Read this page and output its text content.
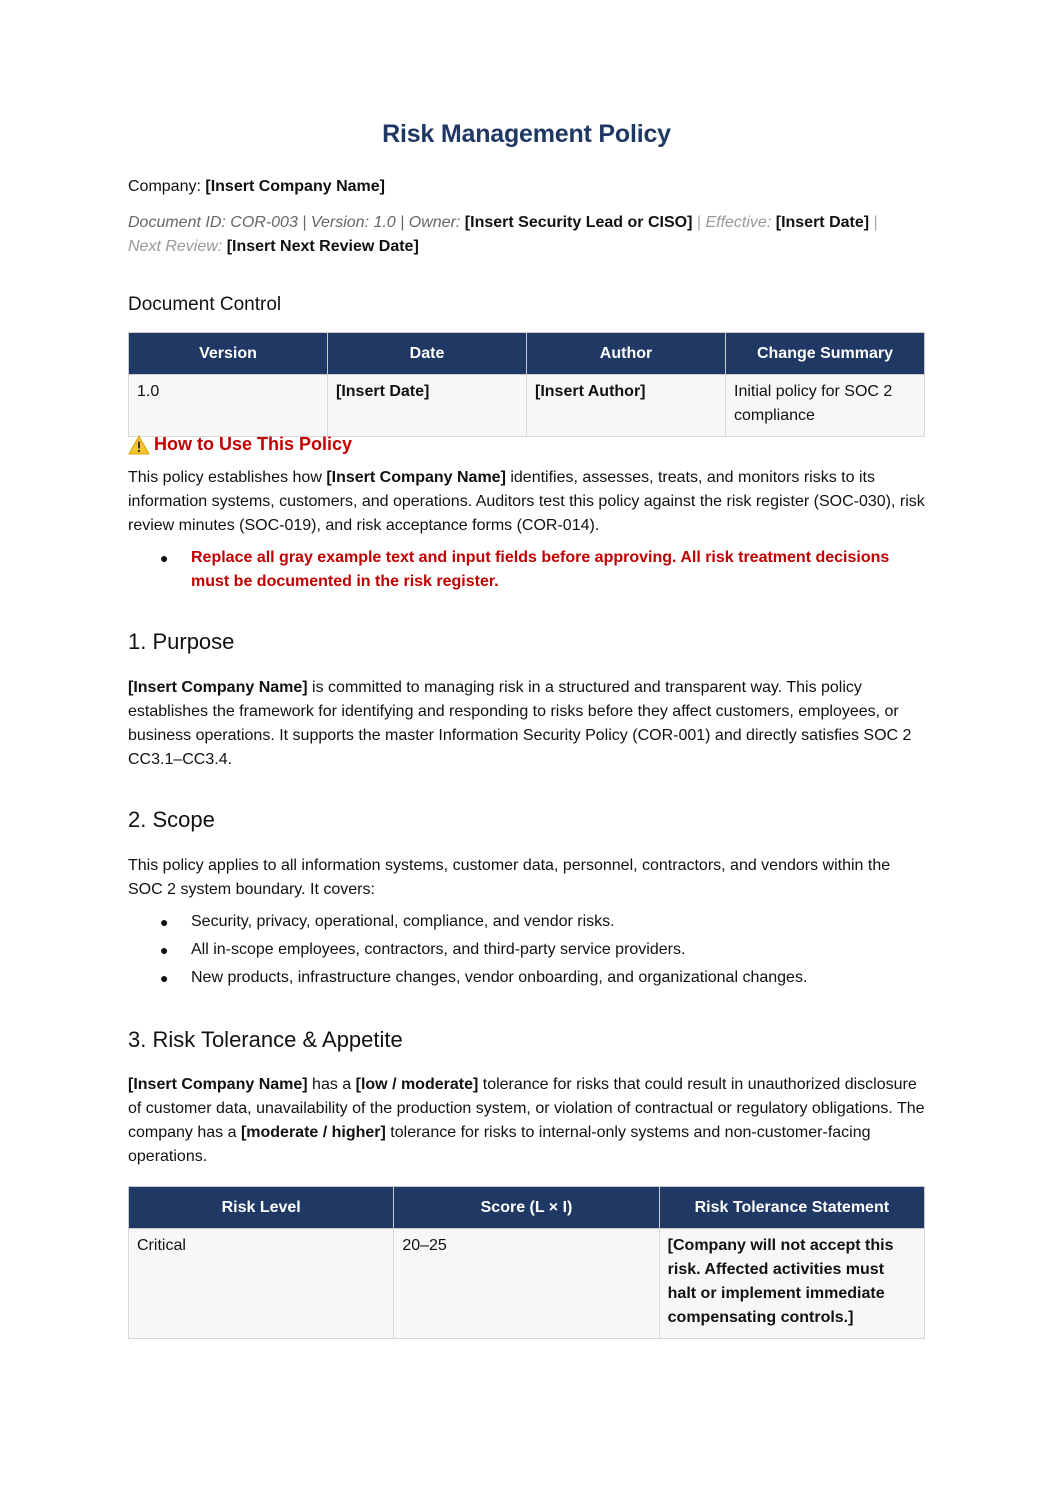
Risk Management Policy
Company: [Insert Company Name]
Document ID: COR-003 | Version: 1.0 | Owner: [Insert Security Lead or CISO] | Effective: [Insert Date] |
Next Review: [Insert Next Review Date]
Document Control
Version	Date	Author	Change Summary
1.0	[Insert Date]	[Insert Author]	Initial policy for SOC 2 compliance
How to Use This Policy
This policy establishes how [Insert Company Name] identifies, assesses, treats, and monitors risks to its information systems, customers, and operations. Auditors test this policy against the risk register (SOC-030), risk review minutes (SOC-019), and risk acceptance forms (COR-014).
● Replace all gray example text and input fields before approving. All risk treatment decisions must be documented in the risk register.
1. Purpose
[Insert Company Name] is committed to managing risk in a structured and transparent way. This policy establishes the framework for identifying and responding to risks before they affect customers, employees, or business operations. It supports the master Information Security Policy (COR-001) and directly satisfies SOC 2 CC3.1–CC3.4.
2. Scope
This policy applies to all information systems, customer data, personnel, contractors, and vendors within the SOC 2 system boundary. It covers:
● Security, privacy, operational, compliance, and vendor risks.
● All in-scope employees, contractors, and third-party service providers.
● New products, infrastructure changes, vendor onboarding, and organizational changes.
3. Risk Tolerance & Appetite
[Insert Company Name] has a [low / moderate] tolerance for risks that could result in unauthorized disclosure of customer data, unavailability of the production system, or violation of contractual or regulatory obligations. The company has a [moderate / higher] tolerance for risks to internal-only systems and non-customer-facing operations.
Risk Level	Score (L × I)	Risk Tolerance Statement
Critical	20–25	[Company will not accept this risk. Affected activities must halt or implement immediate compensating controls.]
